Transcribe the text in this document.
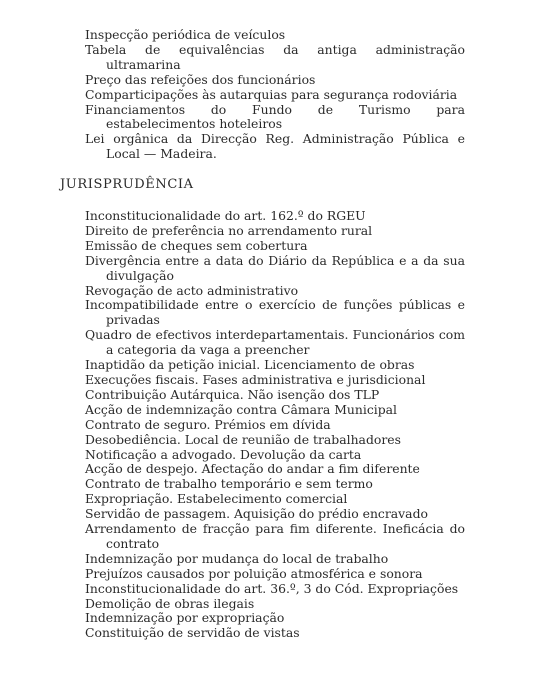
Inspecção periódica de veículos
Tabela de equivalências da antiga administração ultramarina
Preço das refeições dos funcionários
Comparticipações às autarquias para segurança rodoviária
Financiamentos do Fundo de Turismo para estabelecimentos hoteleiros
Lei orgânica da Direcção Reg. Administração Pública e Local — Madeira.
JURISPRUDÊNCIA
Inconstitucionalidade do art. 162.º do RGEU
Direito de preferência no arrendamento rural
Emissão de cheques sem cobertura
Divergência entre a data do Diário da República e a da sua divulgação
Revogação de acto administrativo
Incompatibilidade entre o exercício de funções públicas e privadas
Quadro de efectivos interdepartamentais. Funcionários com a categoria da vaga a preencher
Inaptidão da petição inicial. Licenciamento de obras
Execuções fiscais. Fases administrativa e jurisdicional
Contribuição Autárquica. Não isenção dos TLP
Acção de indemnização contra Câmara Municipal
Contrato de seguro. Prémios em dívida
Desobediência. Local de reunião de trabalhadores
Notificação a advogado. Devolução da carta
Acção de despejo. Afectação do andar a fim diferente
Contrato de trabalho temporário e sem termo
Expropriação. Estabelecimento comercial
Servidão de passagem. Aquisição do prédio encravado
Arrendamento de fracção para fim diferente. Ineficácia do contrato
Indemnização por mudança do local de trabalho
Prejuízos causados por poluição atmosférica e sonora
Inconstitucionalidade do art. 36.º, 3 do Cód. Expropriações
Demolição de obras ilegais
Indemnização por expropriação
Constituição de servidão de vistas
